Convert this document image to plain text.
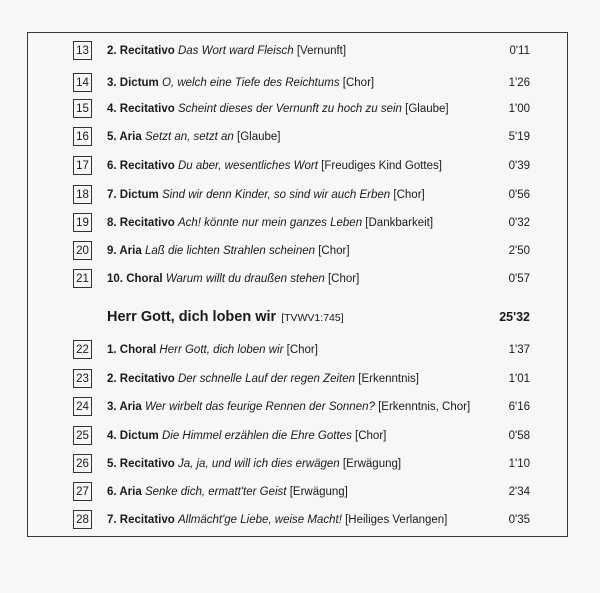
13 2. Recitativo Das Wort ward Fleisch [Vernunft]	0'11
14 3. Dictum O, welch eine Tiefe des Reichtums [Chor]	1'26
15 4. Recitativo Scheint dieses der Vernunft zu hoch zu sein [Glaube]	1'00
16 5. Aria Setzt an, setzt an [Glaube]	5'19
17 6. Recitativo Du aber, wesentliches Wort [Freudiges Kind Gottes]	0'39
18 7. Dictum Sind wir denn Kinder, so sind wir auch Erben [Chor]	0'56
19 8. Recitativo Ach! könnte nur mein ganzes Leben [Dankbarkeit]	0'32
20 9. Aria Laß die lichten Strahlen scheinen [Chor]	2'50
21 10. Choral Warum willt du draußen stehen [Chor]	0'57
Herr Gott, dich loben wir [TVWV1:745]	25'32
22 1. Choral Herr Gott, dich loben wir [Chor]	1'37
23 2. Recitativo Der schnelle Lauf der regen Zeiten [Erkenntnis]	1'01
24 3. Aria Wer wirbelt das feurige Rennen der Sonnen? [Erkenntnis, Chor]	6'16
25 4. Dictum Die Himmel erzählen die Ehre Gottes [Chor]	0'58
26 5. Recitativo Ja, ja, und will ich dies erwägen [Erwägung]	1'10
27 6. Aria Senke dich, ermatt'ter Geist [Erwägung]	2'34
28 7. Recitativo Allmächt'ge Liebe, weise Macht! [Heiliges Verlangen]	0'35
